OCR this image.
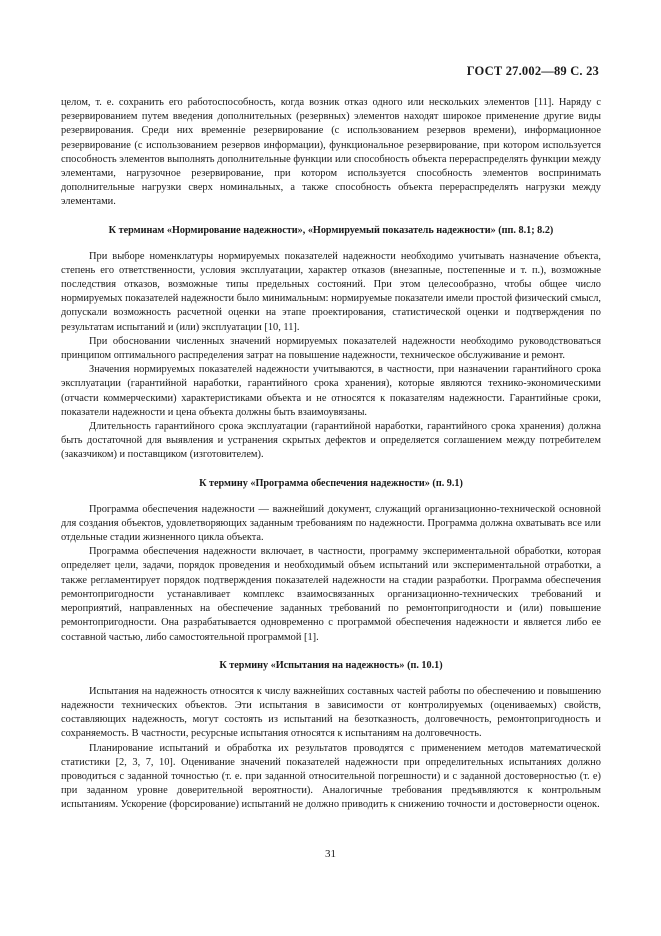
ГОСТ 27.002—89 С. 23

целом, т. е. сохранить его работоспособность, когда возник отказ одного или нескольких элементов [11]. Наряду с резервированием путем введения дополнительных (резервных) элементов находят широкое применение другие виды резервирования. Среди них временнie резервирование (с использованием резервов времени), информационное резервирование (с использованием резервов информации), функциональное резервирование, при котором используется способность элементов выполнять дополнительные функции или способность объекта перераспределять функции между элементами, нагрузочное резервирование, при котором используется способность элементов воспринимать дополнительные нагрузки сверх номинальных, а также способность объекта перераспределять нагрузки между элементами.

К терминам «Нормирование надежности», «Нормируемый показатель надежности» (пп. 8.1; 8.2)

При выборе номенклатуры нормируемых показателей надежности необходимо учитывать назначение объекта, степень его ответственности, условия эксплуатации, характер отказов (внезапные, постепенные и т. п.), возможные последствия отказов, возможные типы предельных состояний. При этом целесообразно, чтобы общее число нормируемых показателей надежности было минимальным: нормируемые показатели имели простой физический смысл, допускали возможность расчетной оценки на этапе проектирования, статистической оценки и подтверждения по результатам испытаний и (или) эксплуатации [10, 11].

При обосновании численных значений нормируемых показателей надежности необходимо руководствоваться принципом оптимального распределения затрат на повышение надежности, техническое обслуживание и ремонт.

Значения нормируемых показателей надежности учитываются, в частности, при назначении гарантийного срока эксплуатации (гарантийной наработки, гарантийного срока хранения), которые являются технико-экономическими (отчасти коммерческими) характеристиками объекта и не относятся к показателям надежности. Гарантийные сроки, показатели надежности и цена объекта должны быть взаимоувязаны.

Длительность гарантийного срока эксплуатации (гарантийной наработки, гарантийного срока хранения) должна быть достаточной для выявления и устранения скрытых дефектов и определяется соглашением между потребителем (заказчиком) и поставщиком (изготовителем).

К термину «Программа обеспечения надежности» (п. 9.1)

Программа обеспечения надежности — важнейший документ, служащий организационно-технической основной для создания объектов, удовлетворяющих заданным требованиям по надежности. Программа должна охватывать все или отдельные стадии жизненного цикла объекта.

Программа обеспечения надежности включает, в частности, программу экспериментальной обработки, которая определяет цели, задачи, порядок проведения и необходимый объем испытаний или экспериментальной отработки, а также регламентирует порядок подтверждения показателей надежности на стадии разработки. Программа обеспечения ремонтопригодности устанавливает комплекс взаимосвязанных организационно-технических требований и мероприятий, направленных на обеспечение заданных требований по ремонтопригодности и (или) повышение ремонтопригодности. Она разрабатывается одновременно с программой обеспечения надежности и является либо ее составной частью, либо самостоятельной программой [1].

К термину «Испытания на надежность» (п. 10.1)

Испытания на надежность относятся к числу важнейших составных частей работы по обеспечению и повышению надежности технических объектов. Эти испытания в зависимости от контролируемых (оцениваемых) свойств, составляющих надежность, могут состоять из испытаний на безотказность, долговечность, ремонтопригодность и сохраняемость. В частности, ресурсные испытания относятся к испытаниям на долговечность.

Планирование испытаний и обработка их результатов проводятся с применением методов математической статистики [2, 3, 7, 10]. Оценивание значений показателей надежности при определительных испытаниях должно проводиться с заданной точностью (т. е. при заданной относительной погрешности) и с заданной достоверностью (т. е) при заданном уровне доверительной вероятности). Аналогичные требования предъявляются к контрольным испытаниям. Ускорение (форсирование) испытаний не должно приводить к снижению точности и достоверности оценок.

31
